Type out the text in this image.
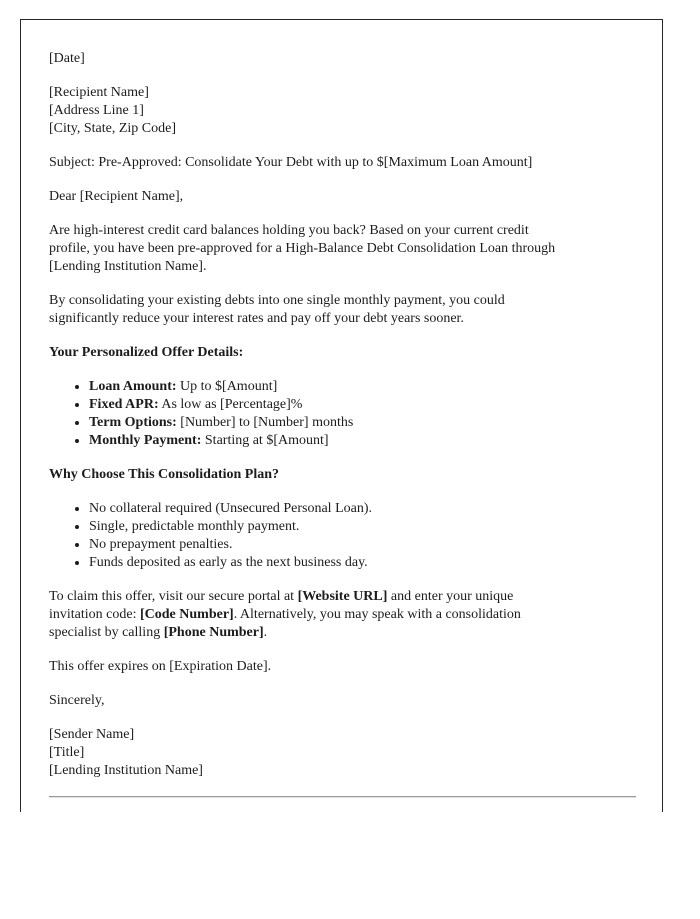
[Date]
[Recipient Name]
[Address Line 1]
[City, State, Zip Code]
Subject: Pre-Approved: Consolidate Your Debt with up to $[Maximum Loan Amount]
Dear [Recipient Name],
Are high-interest credit card balances holding you back? Based on your current credit
profile, you have been pre-approved for a High-Balance Debt Consolidation Loan through
[Lending Institution Name].
By consolidating your existing debts into one single monthly payment, you could
significantly reduce your interest rates and pay off your debt years sooner.
Your Personalized Offer Details:
• Loan Amount: Up to $[Amount]
• Fixed APR: As low as [Percentage]%
• Term Options: [Number] to [Number] months
• Monthly Payment: Starting at $[Amount]
Why Choose This Consolidation Plan?
• No collateral required (Unsecured Personal Loan).
• Single, predictable monthly payment.
• No prepayment penalties.
• Funds deposited as early as the next business day.
To claim this offer, visit our secure portal at [Website URL] and enter your unique
invitation code: [Code Number]. Alternatively, you may speak with a consolidation
specialist by calling [Phone Number].
This offer expires on [Expiration Date].
Sincerely,
[Sender Name]
[Title]
[Lending Institution Name]
